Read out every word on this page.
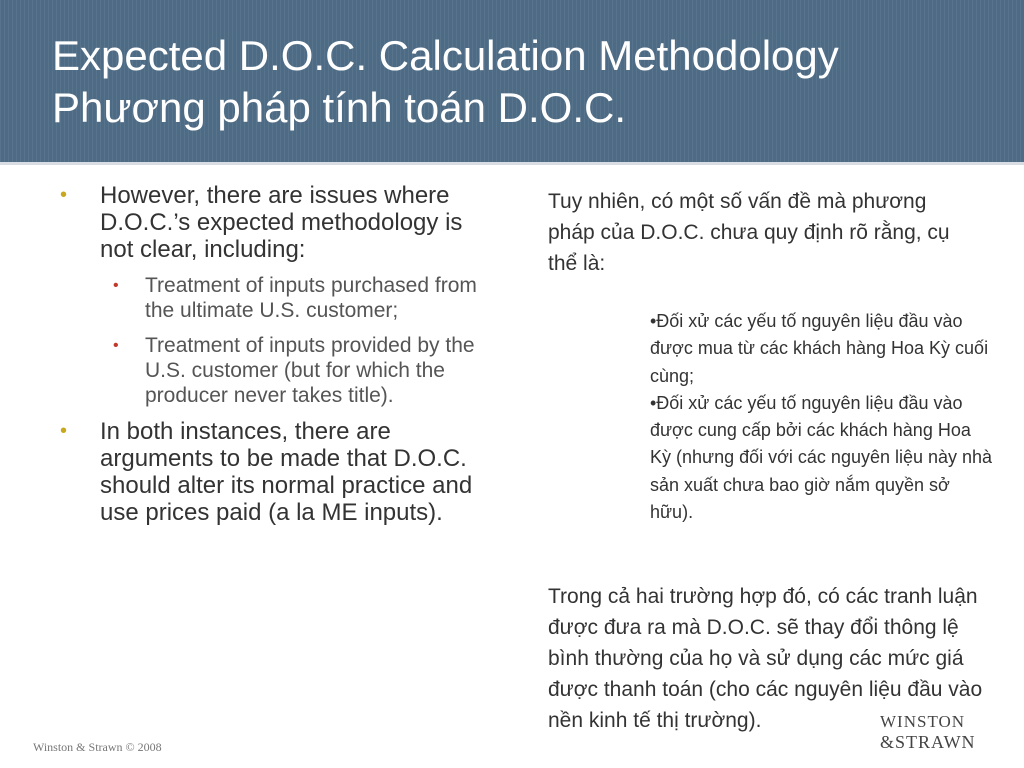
Expected D.O.C. Calculation Methodology
Phương pháp tính toán D.O.C.
• However, there are issues where D.O.C.’s expected methodology is not clear, including:
• Treatment of inputs purchased from the ultimate U.S. customer;
• Treatment of inputs provided by the U.S. customer (but for which the producer never takes title).
• In both instances, there are arguments to be made that D.O.C. should alter its normal practice and use prices paid (a la ME inputs).
Tuy nhiên, có một số vấn đề mà phương pháp của D.O.C. chưa quy định rõ rằng, cụ thể là:
•Đối xử các yếu tố nguyên liệu đầu vào được mua từ các khách hàng Hoa Kỳ cuối cùng;
•Đối xử các yếu tố nguyên liệu đầu vào được cung cấp bởi các khách hàng Hoa Kỳ (nhưng đối với các nguyên liệu này nhà sản xuất chưa bao giờ nắm quyền sở hữu).
Trong cả hai trường hợp đó, có các tranh luận được đưa ra mà D.O.C. sẽ thay đổi thông lệ bình thường của họ và sử dụng các mức giá được thanh toán (cho các nguyên liệu đầu vào nền kinh tế thị trường).
Winston & Strawn © 2008
WINSTON
&STRAWN
